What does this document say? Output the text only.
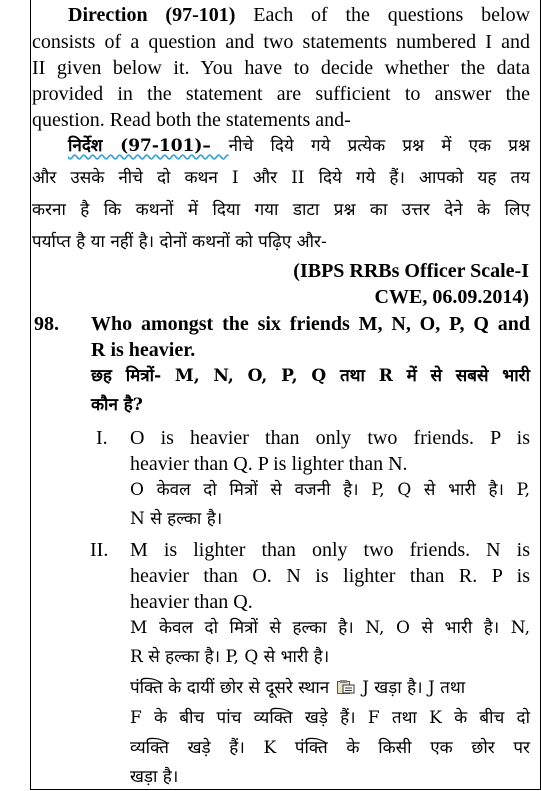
Direction (97-101) Each of the questions below
consists of a question and two statements numbered I and
II given below it. You have to decide whether the data
provided in the statement are sufficient to answer the
question. Read both the statements and-
निर्देश (97-101)– नीचे दिये गये प्रत्येक प्रश्न में एक प्रश्न
और उसके नीचे दो कथन I और II दिये गये हैं। आपको यह तय
करना है कि कथनों में दिया गया डाटा प्रश्न का उत्तर देने के लिए
पर्याप्त है या नहीं है। दोनों कथनों को पढ़िए और-
(IBPS RRBs Officer Scale-I
CWE, 06.09.2014)
98. Who amongst the six friends M, N, O, P, Q and
R is heavier.
छह मित्रों- M, N, O, P, Q तथा R में से सबसे भारी
कौन है?
I. O is heavier than only two friends. P is
heavier than Q. P is lighter than N.
O केवल दो मित्रों से वजनी है। P, Q से भारी है। P,
N से हल्का है।
II. M is lighter than only two friends. N is
heavier than O. N is lighter than R. P is
heavier than Q.
M केवल दो मित्रों से हल्का है। N, O से भारी है। N,
R से हल्का है। P, Q से भारी है।
पंक्ति के दायीं छोर से दूसरे स्थान J खड़ा है। J तथा
F के बीच पांच व्यक्ति खड़े हैं। F तथा K के बीच दो
व्यक्ति खड़े हैं। K पंक्ति के किसी एक छोर पर
खड़ा है।
